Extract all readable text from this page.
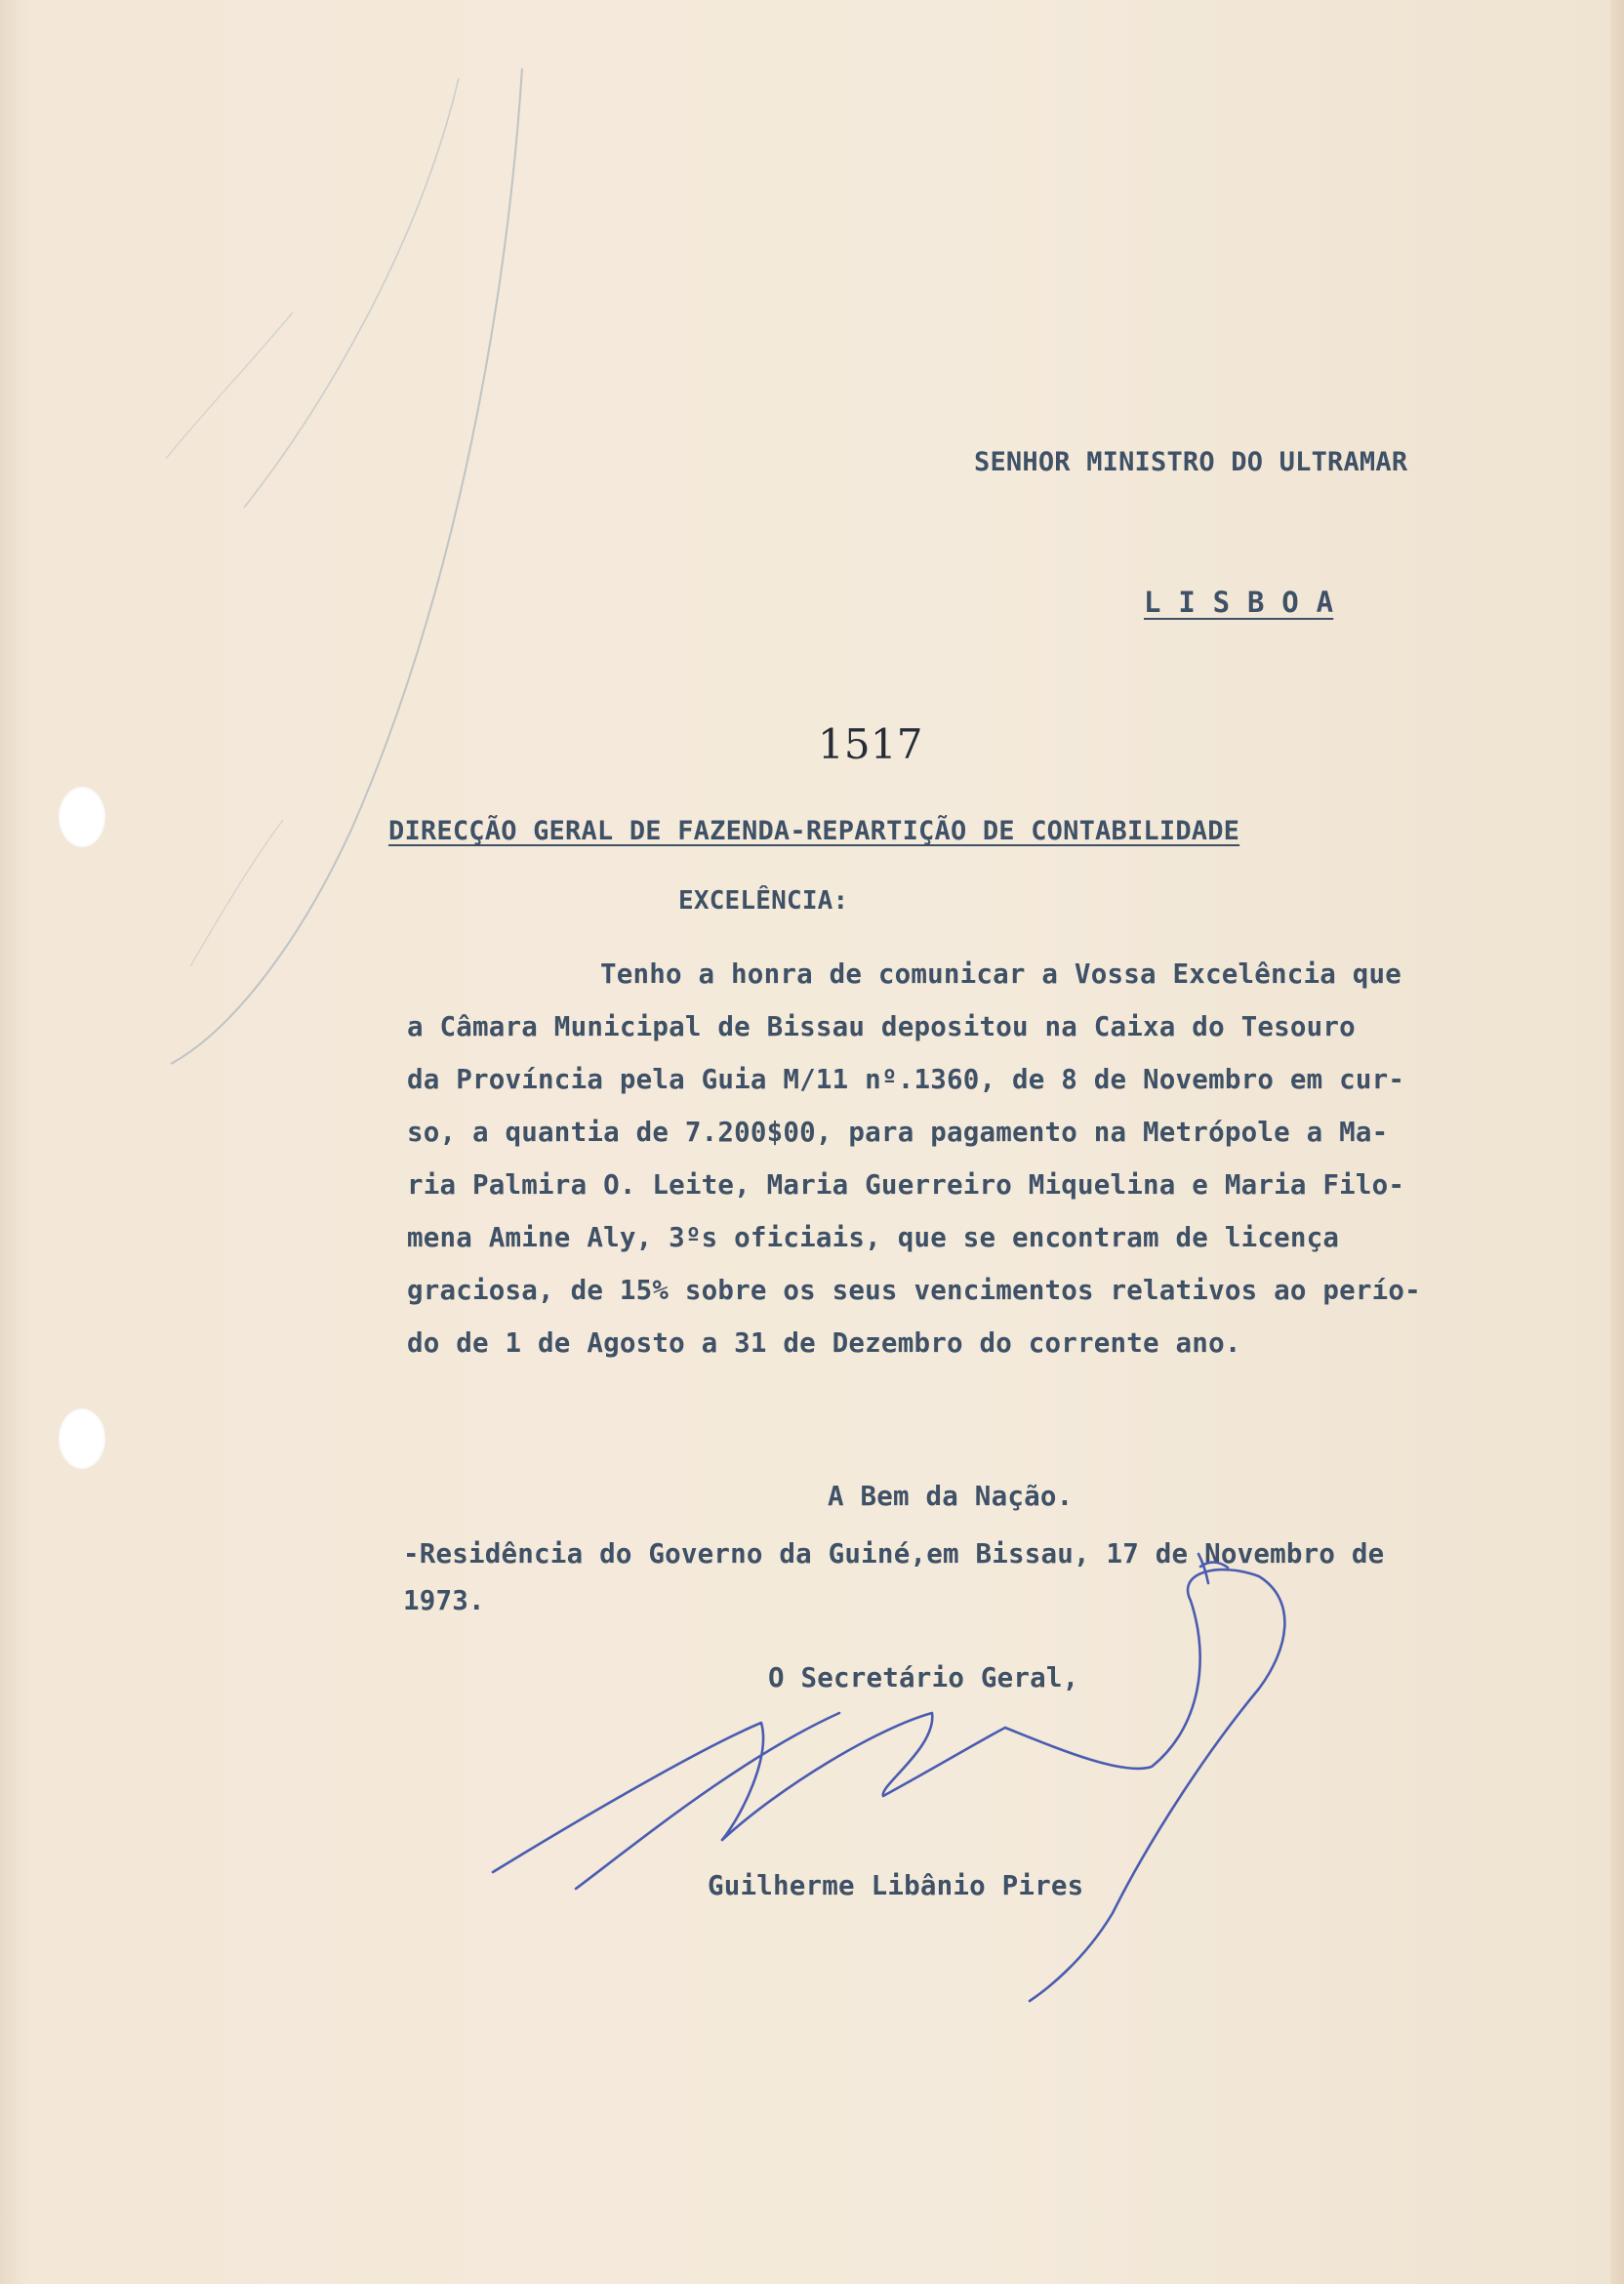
SENHOR MINISTRO DO ULTRAMAR

L I S B O A

1517

DIRECÇÃO GERAL DE FAZENDA-REPARTIÇÃO DE CONTABILIDADE

EXCELÊNCIA:

Tenho a honra de comunicar a Vossa Excelência que

a Câmara Municipal de Bissau depositou na Caixa do Tesouro

da Província pela Guia M/11 nº.1360, de 8 de Novembro em cur-

so, a quantia de 7.200$00, para pagamento na Metrópole a Ma-

ria Palmira O. Leite, Maria Guerreiro Miquelina e Maria Filo-

mena Amine Aly, 3ºs oficiais, que se encontram de licença

graciosa, de 15% sobre os seus vencimentos relativos ao perío-

do de 1 de Agosto a 31 de Dezembro do corrente ano.

A Bem da Nação.

-Residência do Governo da Guiné,em Bissau, 17 de Novembro de

1973.

O Secretário Geral,

Guilherme Libânio Pires
